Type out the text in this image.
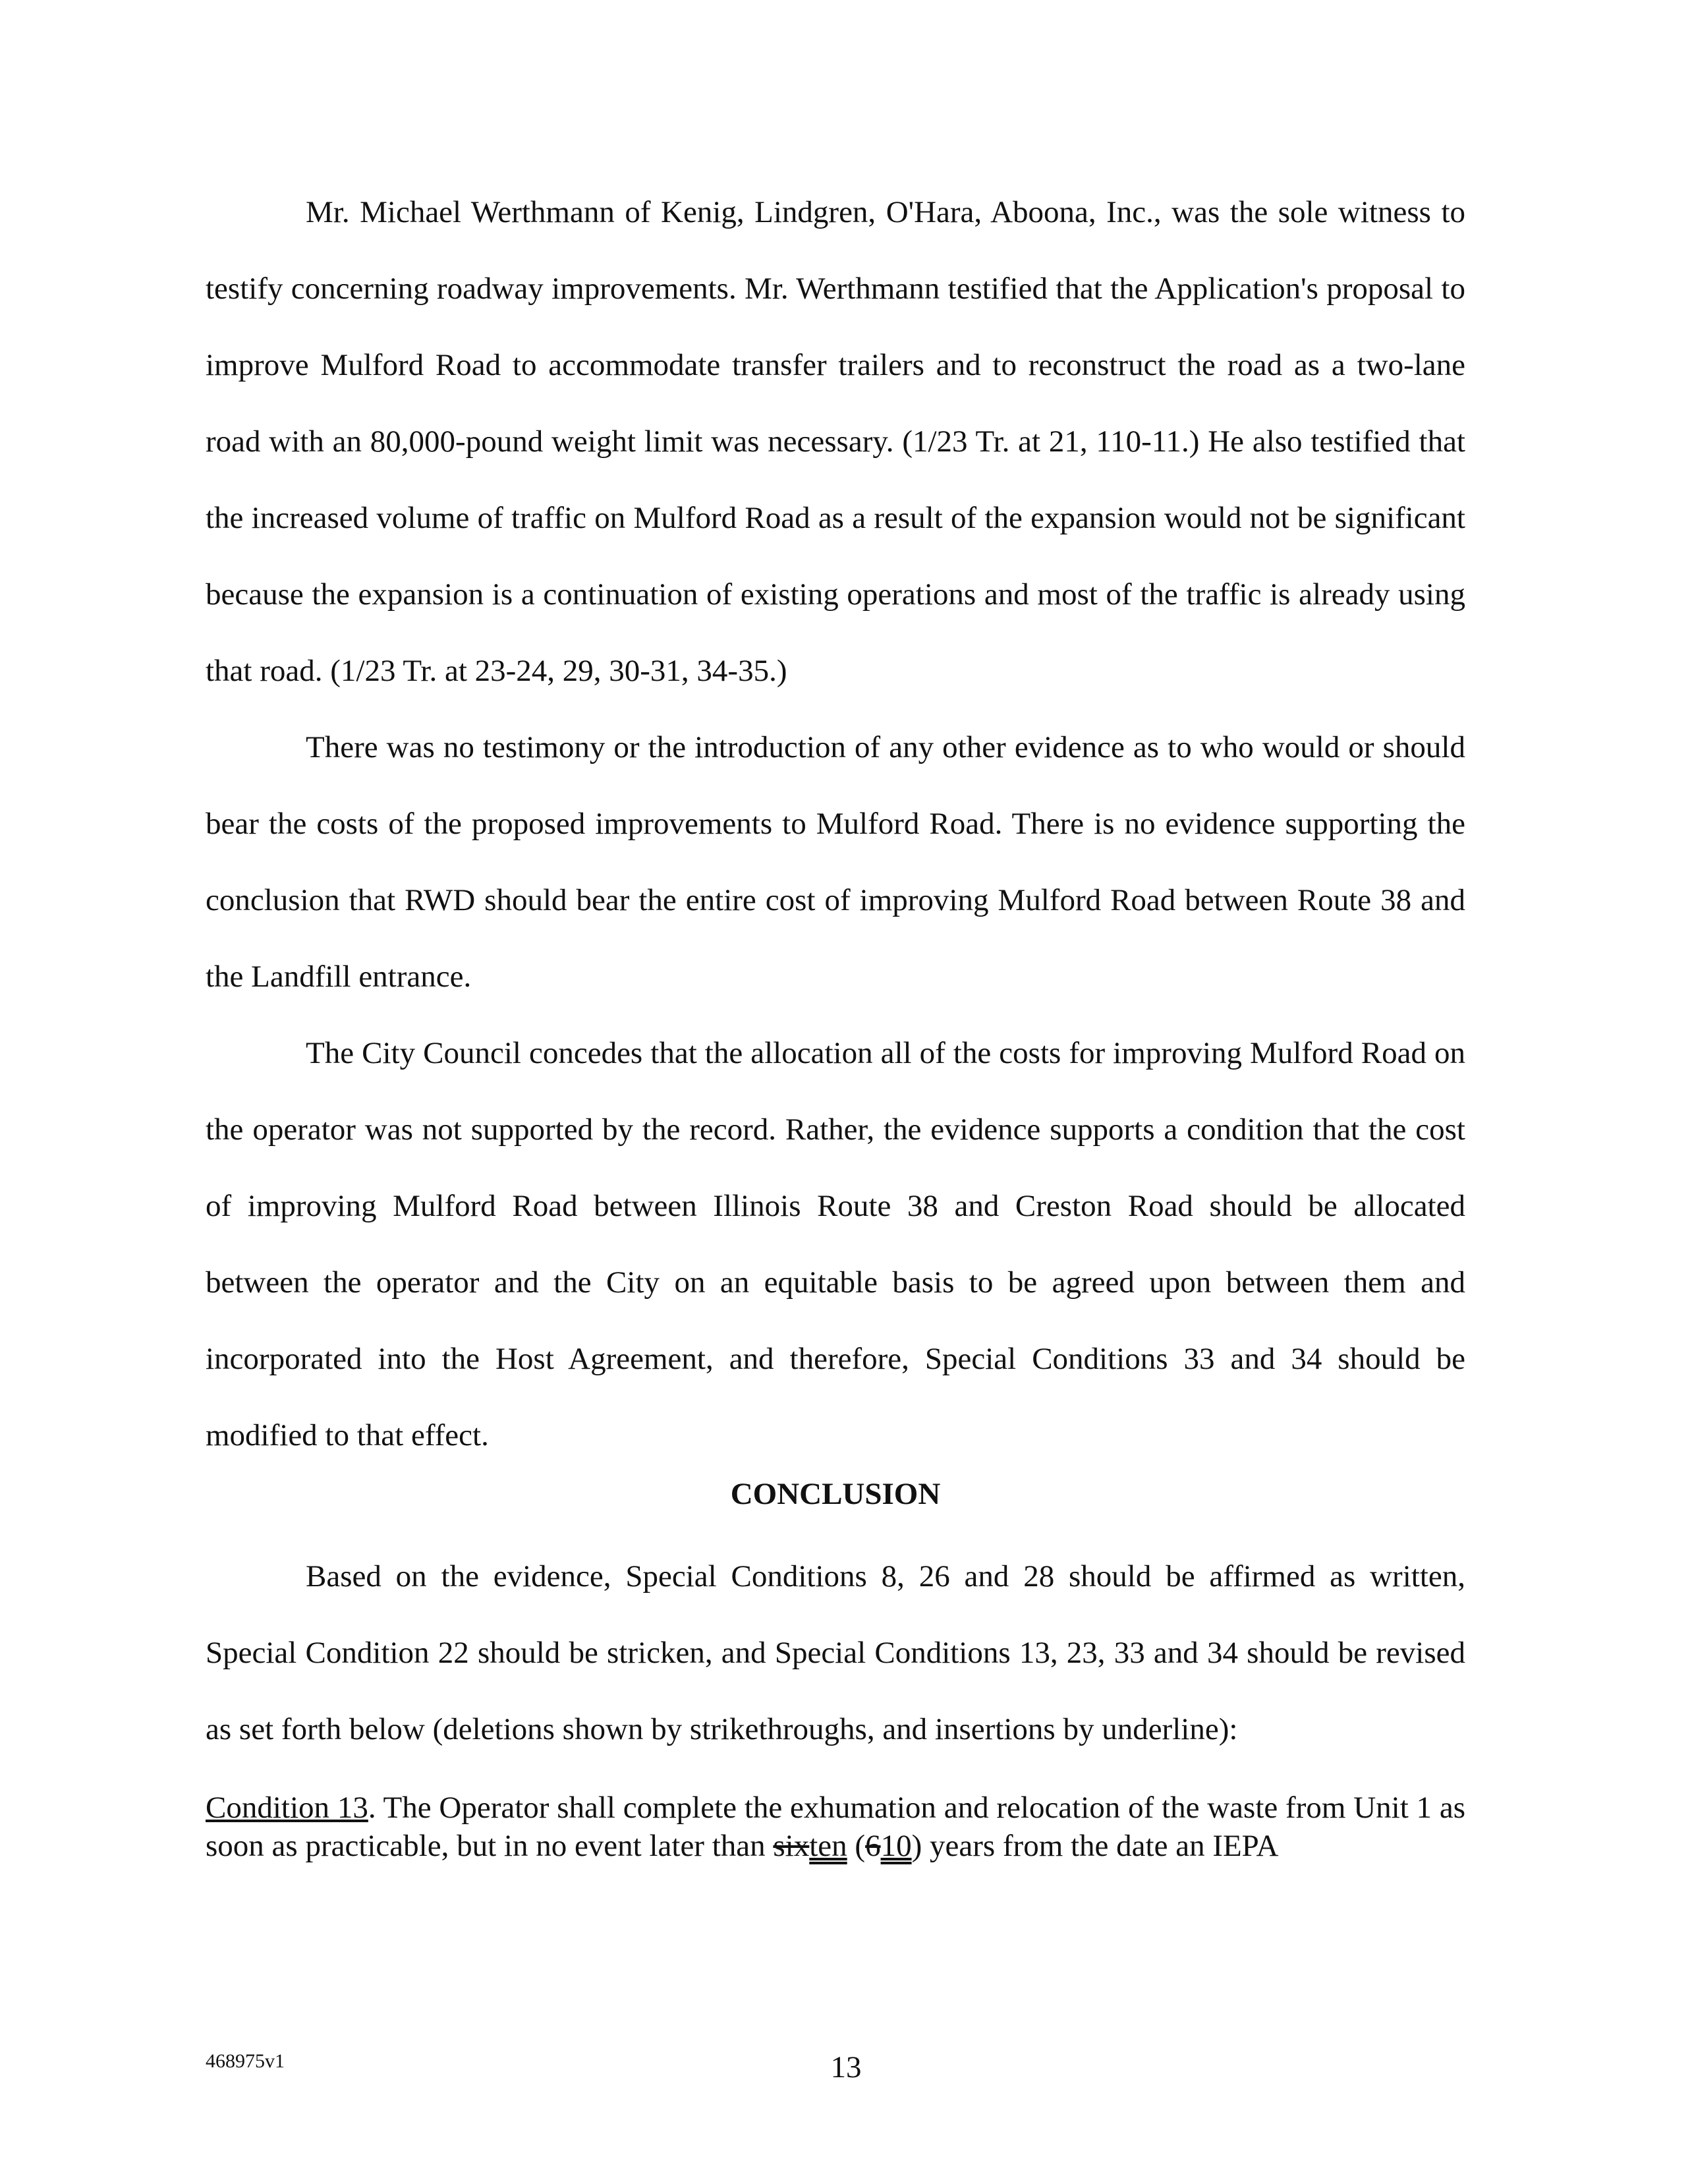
Mr. Michael Werthmann of Kenig, Lindgren, O'Hara, Aboona, Inc., was the sole witness to testify concerning roadway improvements. Mr. Werthmann testified that the Application's proposal to improve Mulford Road to accommodate transfer trailers and to reconstruct the road as a two-lane road with an 80,000-pound weight limit was necessary. (1/23 Tr. at 21, 110-11.) He also testified that the increased volume of traffic on Mulford Road as a result of the expansion would not be significant because the expansion is a continuation of existing operations and most of the traffic is already using that road. (1/23 Tr. at 23-24, 29, 30-31, 34-35.)

There was no testimony or the introduction of any other evidence as to who would or should bear the costs of the proposed improvements to Mulford Road. There is no evidence supporting the conclusion that RWD should bear the entire cost of improving Mulford Road between Route 38 and the Landfill entrance.

The City Council concedes that the allocation all of the costs for improving Mulford Road on the operator was not supported by the record. Rather, the evidence supports a condition that the cost of improving Mulford Road between Illinois Route 38 and Creston Road should be allocated between the operator and the City on an equitable basis to be agreed upon between them and incorporated into the Host Agreement, and therefore, Special Conditions 33 and 34 should be modified to that effect.

CONCLUSION

Based on the evidence, Special Conditions 8, 26 and 28 should be affirmed as written, Special Condition 22 should be stricken, and Special Conditions 13, 23, 33 and 34 should be revised as set forth below (deletions shown by strikethroughs, and insertions by underline):

Condition 13. The Operator shall complete the exhumation and relocation of the waste from Unit 1 as soon as practicable, but in no event later than sixten (610) years from the date an IEPA

468975v1	13
